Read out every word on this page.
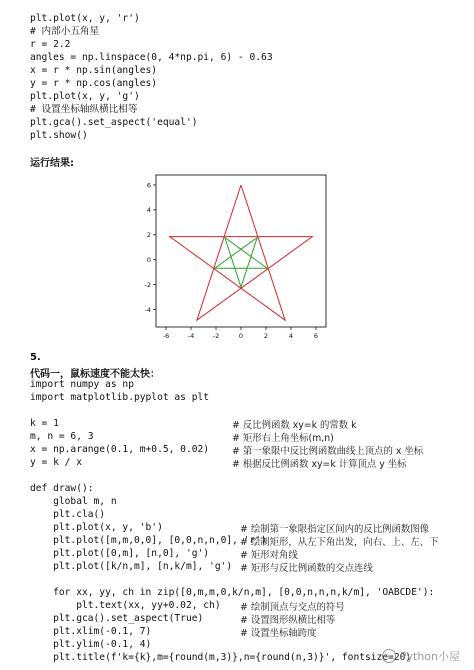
plt.plot(x, y, 'r')
# 内部小五角星
r = 2.2
angles = np.linspace(0, 4*np.pi, 6) - 0.63
x = r * np.sin(angles)
y = r * np.cos(angles)
plt.plot(x, y, 'g')
# 设置坐标轴纵横比相等
plt.gca().set_aspect('equal')
plt.show()
运行结果:
-6	-4	-2	0	2	4	6
-4
-2
0
2
4
6
5.
代码一，鼠标速度不能太快：
import numpy as np
import matplotlib.pyplot as plt

k = 1
m, n = 6, 3
x = np.arange(0.1, m+0.5, 0.02)
y = k / x

def draw():
global m, n
plt.cla()
plt.plot(x, y, 'b')
plt.plot([m,m,0,0], [0,0,n,n,0], 'r')
plt.plot([0,m], [n,0], 'g')
plt.plot([k/n,m], [n,k/m], 'g')

for xx, yy, ch in zip([0,m,m,0,k/n,m], [0,0,n,n,n,k/m], 'OABCDE'):
plt.text(xx, yy+0.02, ch)
plt.gca().set_aspect(True)
plt.xlim(-0.1, 7)
plt.ylim(-0.1, 4)
plt.title(f'k={k},m={round(m,3)},n={round(n,3)}', fontsize=20)
# 反比例函数 xy=k 的常数 k
# 矩形右上角坐标(m,n)
# 第一象限中反比例函数曲线上顶点的 x 坐标
# 根据反比例函数 xy=k 计算顶点 y 坐标
# 绘制第一象限指定区间内的反比例函数图像
# 绘制矩形，从左下角出发，向右、上、左、下
# 矩形对角线
# 矩形与反比例函数的交点连线
# 绘制顶点与交点的符号
# 设置图形纵横比相等
# 设置坐标轴跨度
Python小屋
